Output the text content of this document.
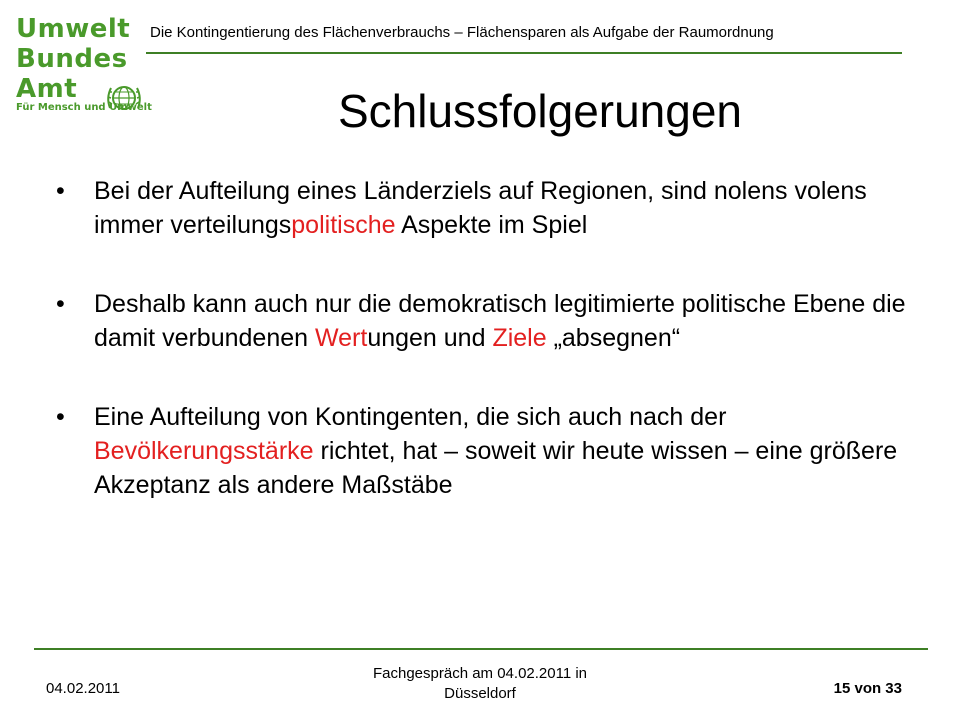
Umwelt
Bundes
Amt
Für Mensch und Umwelt
Die Kontingentierung des Flächenverbrauchs – Flächensparen als Aufgabe der Raumordnung
Schlussfolgerungen
• Bei der Aufteilung eines Länderziels auf Regionen, sind nolens volens immer verteilungspolitische Aspekte im Spiel
• Deshalb kann auch nur die demokratisch legitimierte politische Ebene die damit verbundenen Wertungen und Ziele „absegnen“
• Eine Aufteilung von Kontingenten, die sich auch nach der Bevölkerungsstärke richtet, hat – soweit wir heute wissen – eine größere Akzeptanz als andere Maßstäbe
04.02.2011
Fachgespräch am 04.02.2011 in
Düsseldorf	15 von 33
